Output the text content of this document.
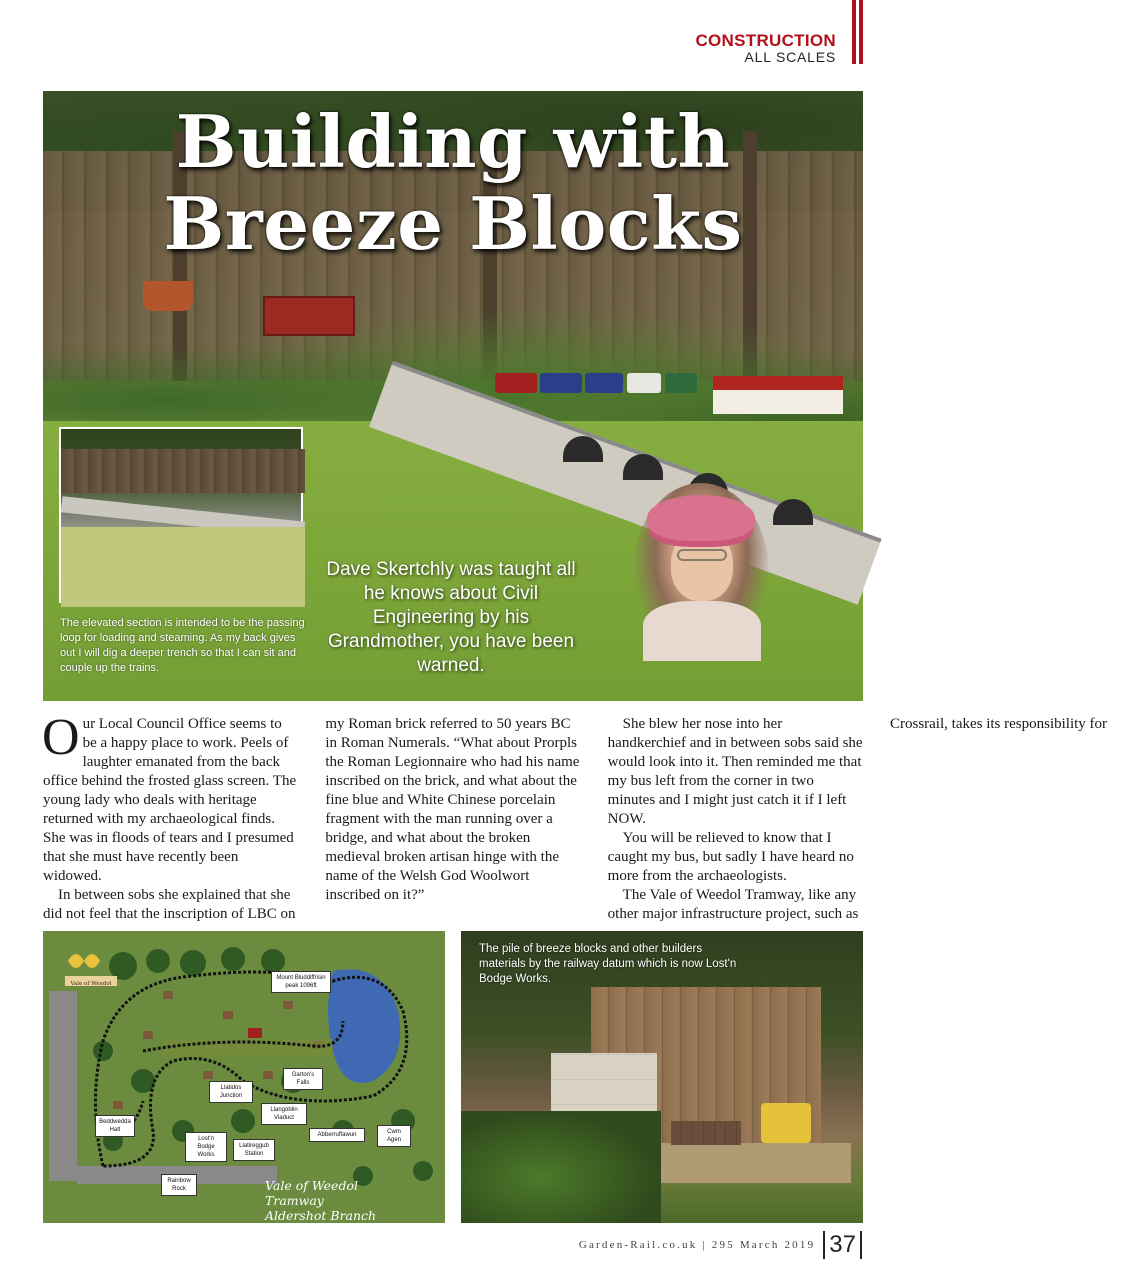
CONSTRUCTION
ALL SCALES
Building with
Breeze Blocks
The elevated section is intended to be the passing loop for loading and steaming. As my back gives out I will dig a deeper trench so that I can sit and couple up the trains.
Dave Skertchly was taught all he knows about Civil Engineering by his Grandmother, you have been warned.

Our Local Council Office seems to be a happy place to work. Peels of laughter emanated from the back office behind the frosted glass screen. The young lady who deals with heritage returned with my archaeological finds. She was in floods of tears and I presumed that she must have recently been widowed.

In between sobs she explained that she did not feel that the inscription of LBC on my Roman brick referred to 50 years BC in Roman Numerals. “What about Prorpls the Roman Legionnaire who had his name inscribed on the brick, and what about the fine blue and White Chinese porcelain fragment with the man running over a bridge, and what about the broken medieval broken artisan hinge with the name of the Welsh God Woolwort inscribed on it?”

She blew her nose into her handkerchief and in between sobs said she would look into it. Then reminded me that my bus left from the corner in two minutes and I might just catch it if I left NOW.

You will be relieved to know that I caught my bus, but sadly I have heard no more from the archaeologists.

The Vale of Weedol Tramway, like any other major infrastructure project, such as Crossrail, takes its responsibility for

Vale of Weedol
Mount Bluddiffrisin peak 1096ft
Llatidos Junction
Garton's Falls
Beddwedda Halt
Llangoblin Viaduct
Abberruffawun	Cwm Agen
Lost'n Bodge Works
Llatireggub Station
Rainbow Rock	Vale of Weedol Tramway
Aldershot Branch 2018
The pile of breeze blocks and other builders materials by the railway datum which is now Lost'n Bodge Works.
Garden-Rail.co.uk | 295 March 2019 37
